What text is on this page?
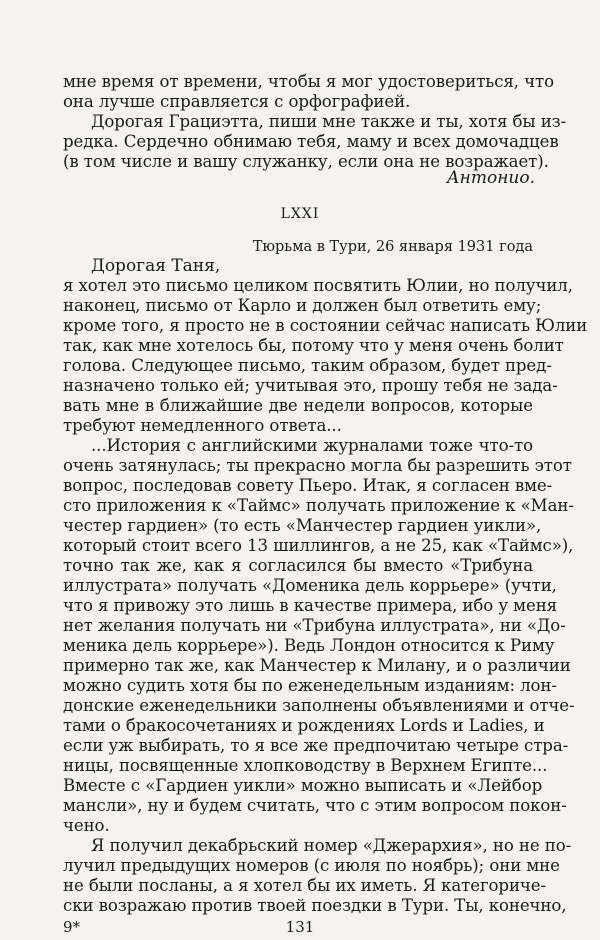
мне время от времени, чтобы я мог удостовериться, что
она лучше справляется с орфографией.
Дорогая Грациэтта, пиши мне также и ты, хотя бы из-
редка. Сердечно обнимаю тебя, маму и всех домочадцев
(в том числе и вашу служанку, если она не возражает).
Антонио.
LXXI
Тюрьма в Тури, 26 января 1931 года
Дорогая Таня,
я хотел это письмо целиком посвятить Юлии, но получил,
наконец, письмо от Карло и должен был ответить ему;
кроме того, я просто не в состоянии сейчас написать Юлии
так, как мне хотелось бы, потому что у меня очень болит
голова. Следующее письмо, таким образом, будет пред-
назначено только ей; учитывая это, прошу тебя не зада-
вать мне в ближайшие две недели вопросов, которые
требуют немедленного ответа...
...История с английскими журналами тоже что-то
очень затянулась; ты прекрасно могла бы разрешить этот
вопрос, последовав совету Пьеро. Итак, я согласен вме-
сто приложения к «Таймс» получать приложение к «Ман-
честер гардиен» (то есть «Манчестер гардиен уикли»,
который стоит всего 13 шиллингов, а не 25, как «Таймс»),
точно так же, как я согласился бы вместо «Трибуна
иллустрата» получать «Доменика дель коррьере» (учти,
что я привожу это лишь в качестве примера, ибо у меня
нет желания получать ни «Трибуна иллустрата», ни «До-
меника дель коррьере»). Ведь Лондон относится к Риму
примерно так же, как Манчестер к Милану, и о различии
можно судить хотя бы по еженедельным изданиям: лон-
донские еженедельники заполнены объявлениями и отче-
тами о бракосочетаниях и рождениях Lords и Ladies, и
если уж выбирать, то я все же предпочитаю четыре стра-
ницы, посвященные хлопководству в Верхнем Египте...
Вместе с «Гардиен уикли» можно выписать и «Лейбор
мансли», ну и будем считать, что с этим вопросом покон-
чено.
Я получил декабрьский номер «Джерархия», но не по-
лучил предыдущих номеров (с июля по ноябрь); они мне
не были посланы, а я хотел бы их иметь. Я категориче-
ски возражаю против твоей поездки в Тури. Ты, конечно,
9*	131
